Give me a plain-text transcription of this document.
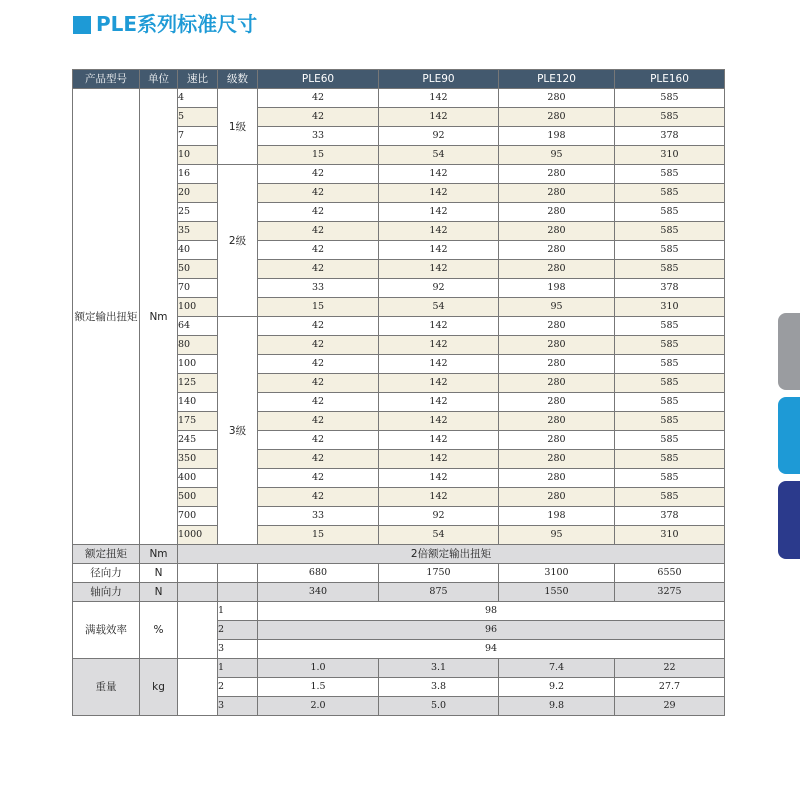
PLE系列标准尺寸
产品型号	单位	速比	级数	PLE60	PLE90	PLE120	PLE160
额定输出扭矩	Nm	4	1级	42	142	280	585
		5		42	142	280	585
		7		33	92	198	378
		10		15	54	95	310
		16	2级	42	142	280	585
		20		42	142	280	585
		25		42	142	280	585
		35		42	142	280	585
		40		42	142	280	585
		50		42	142	280	585
		70		33	92	198	378
		100		15	54	95	310
		64	3级	42	142	280	585
		80		42	142	280	585
		100		42	142	280	585
		125		42	142	280	585
		140		42	142	280	585
		175		42	142	280	585
		245		42	142	280	585
		350		42	142	280	585
		400		42	142	280	585
		500		42	142	280	585
		700		33	92	198	378
		1000		15	54	95	310
额定扭矩	Nm	2倍额定输出扭矩					
径向力	N			680	1750	3100	6550
轴向力	N			340	875	1550	3275
满载效率	%		1	98			
			2	96			
			3	94			
重量	kg		1	1.0	3.1	7.4	22
			2	1.5	3.8	9.2	27.7
			3	2.0	5.0	9.8	29
